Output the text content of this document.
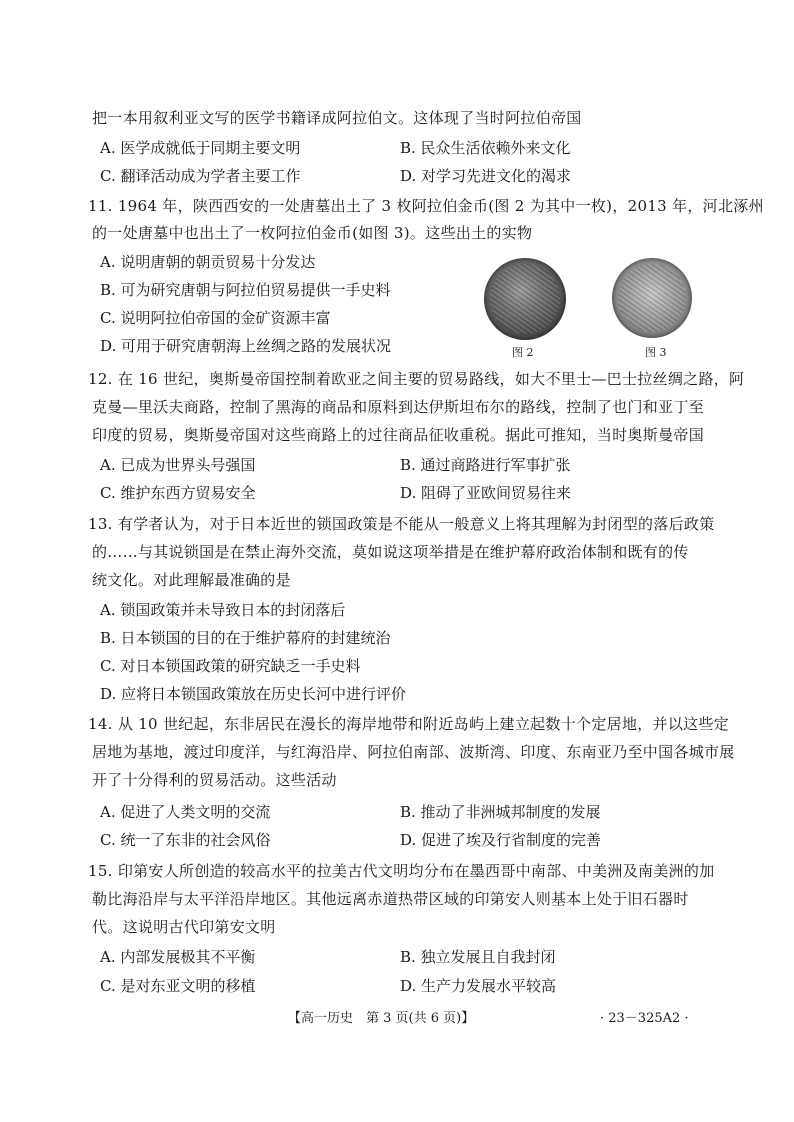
把一本用叙利亚文写的医学书籍译成阿拉伯文。这体现了当时阿拉伯帝国
A. 医学成就低于同期主要文明	B. 民众生活依赖外来文化
C. 翻译活动成为学者主要工作	D. 对学习先进文化的渴求
11. 1964 年，陕西西安的一处唐墓出土了 3 枚阿拉伯金币(图 2 为其中一枚)，2013 年，河北涿州
的一处唐墓中也出土了一枚阿拉伯金币(如图 3)。这些出土的实物
A. 说明唐朝的朝贡贸易十分发达
B. 可为研究唐朝与阿拉伯贸易提供一手史料
C. 说明阿拉伯帝国的金矿资源丰富
D. 可用于研究唐朝海上丝绸之路的发展状况	图 2	图 3
12. 在 16 世纪，奥斯曼帝国控制着欧亚之间主要的贸易路线，如大不里士—巴士拉丝绸之路，阿
克曼—里沃夫商路，控制了黑海的商品和原料到达伊斯坦布尔的路线，控制了也门和亚丁至
印度的贸易，奥斯曼帝国对这些商路上的过往商品征收重税。据此可推知，当时奥斯曼帝国
A. 已成为世界头号强国	B. 通过商路进行军事扩张
C. 维护东西方贸易安全	D. 阻碍了亚欧间贸易往来
13. 有学者认为，对于日本近世的锁国政策是不能从一般意义上将其理解为封闭型的落后政策
的……与其说锁国是在禁止海外交流，莫如说这项举措是在维护幕府政治体制和既有的传
统文化。对此理解最准确的是
A. 锁国政策并未导致日本的封闭落后
B. 日本锁国的目的在于维护幕府的封建统治
C. 对日本锁国政策的研究缺乏一手史料
D. 应将日本锁国政策放在历史长河中进行评价
14. 从 10 世纪起，东非居民在漫长的海岸地带和附近岛屿上建立起数十个定居地，并以这些定
居地为基地，渡过印度洋，与红海沿岸、阿拉伯南部、波斯湾、印度、东南亚乃至中国各城市展
开了十分得利的贸易活动。这些活动
A. 促进了人类文明的交流	B. 推动了非洲城邦制度的发展
C. 统一了东非的社会风俗	D. 促进了埃及行省制度的完善
15. 印第安人所创造的较高水平的拉美古代文明均分布在墨西哥中南部、中美洲及南美洲的加
勒比海沿岸与太平洋沿岸地区。其他远离赤道热带区域的印第安人则基本上处于旧石器时
代。这说明古代印第安文明
A. 内部发展极其不平衡	B. 独立发展且自我封闭
C. 是对东亚文明的移植	D. 生产力发展水平较高
【高一历史　第 3 页(共 6 页)】	· 23－325A2 ·
